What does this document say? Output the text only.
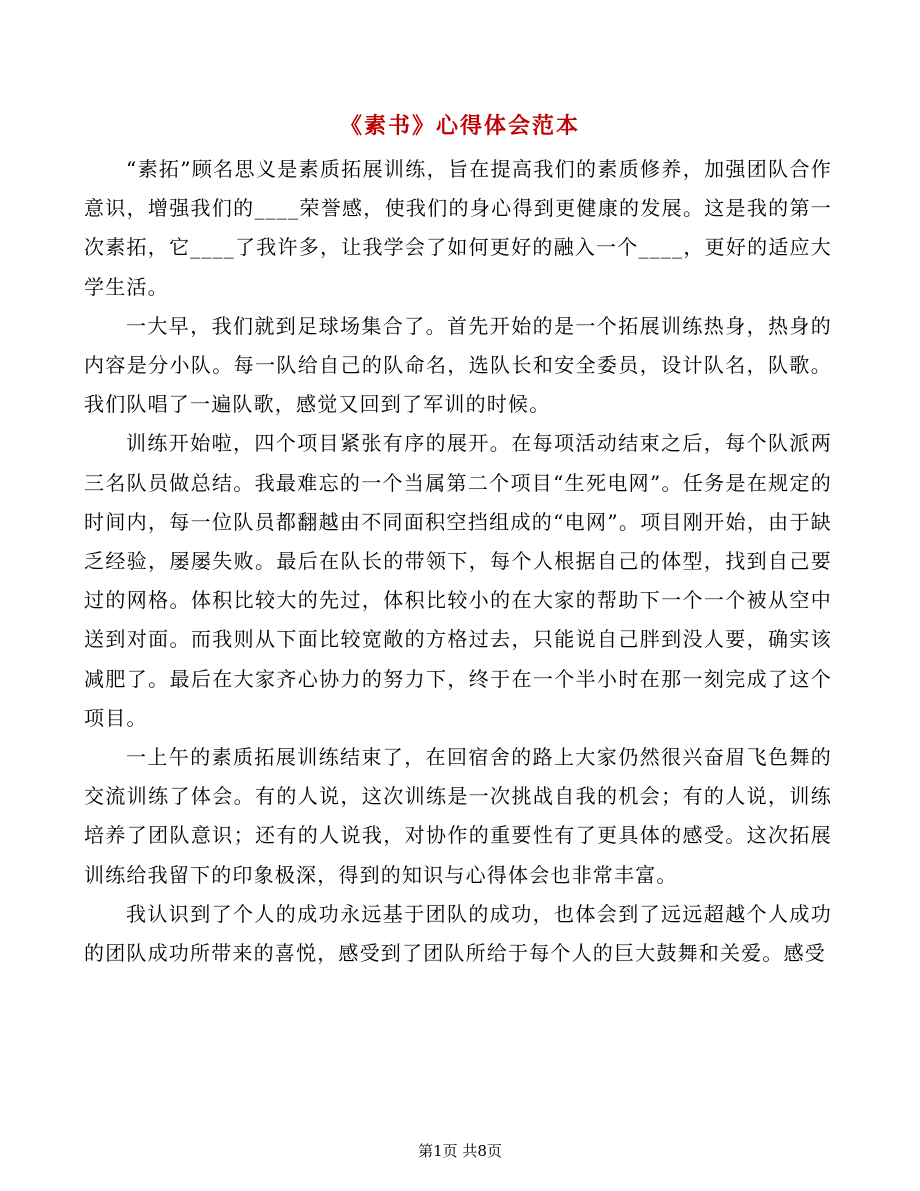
《素书》心得体会范本

“素拓”顾名思义是素质拓展训练，旨在提高我们的素质修养，加强团队合作意识，增强我们的____荣誉感，使我们的身心得到更健康的发展。这是我的第一次素拓，它____了我许多，让我学会了如何更好的融入一个____，更好的适应大学生活。

一大早，我们就到足球场集合了。首先开始的是一个拓展训练热身，热身的内容是分小队。每一队给自己的队命名，选队长和安全委员，设计队名，队歌。我们队唱了一遍队歌，感觉又回到了军训的时候。

训练开始啦，四个项目紧张有序的展开。在每项活动结束之后，每个队派两三名队员做总结。我最难忘的一个当属第二个项目“生死电网”。任务是在规定的时间内，每一位队员都翻越由不同面积空挡组成的“电网”。项目刚开始，由于缺乏经验，屡屡失败。最后在队长的带领下，每个人根据自己的体型，找到自己要过的网格。体积比较大的先过，体积比较小的在大家的帮助下一个一个被从空中送到对面。而我则从下面比较宽敞的方格过去，只能说自己胖到没人要，确实该减肥了。最后在大家齐心协力的努力下，终于在一个半小时在那一刻完成了这个项目。

一上午的素质拓展训练结束了，在回宿舍的路上大家仍然很兴奋眉飞色舞的交流训练了体会。有的人说，这次训练是一次挑战自我的机会；有的人说，训练培养了团队意识；还有的人说我，对协作的重要性有了更具体的感受。这次拓展训练给我留下的印象极深，得到的知识与心得体会也非常丰富。

我认识到了个人的成功永远基于团队的成功，也体会到了远远超越个人成功的团队成功所带来的喜悦，感受到了团队所给于每个人的巨大鼓舞和关爱。感受

第1页 共8页
